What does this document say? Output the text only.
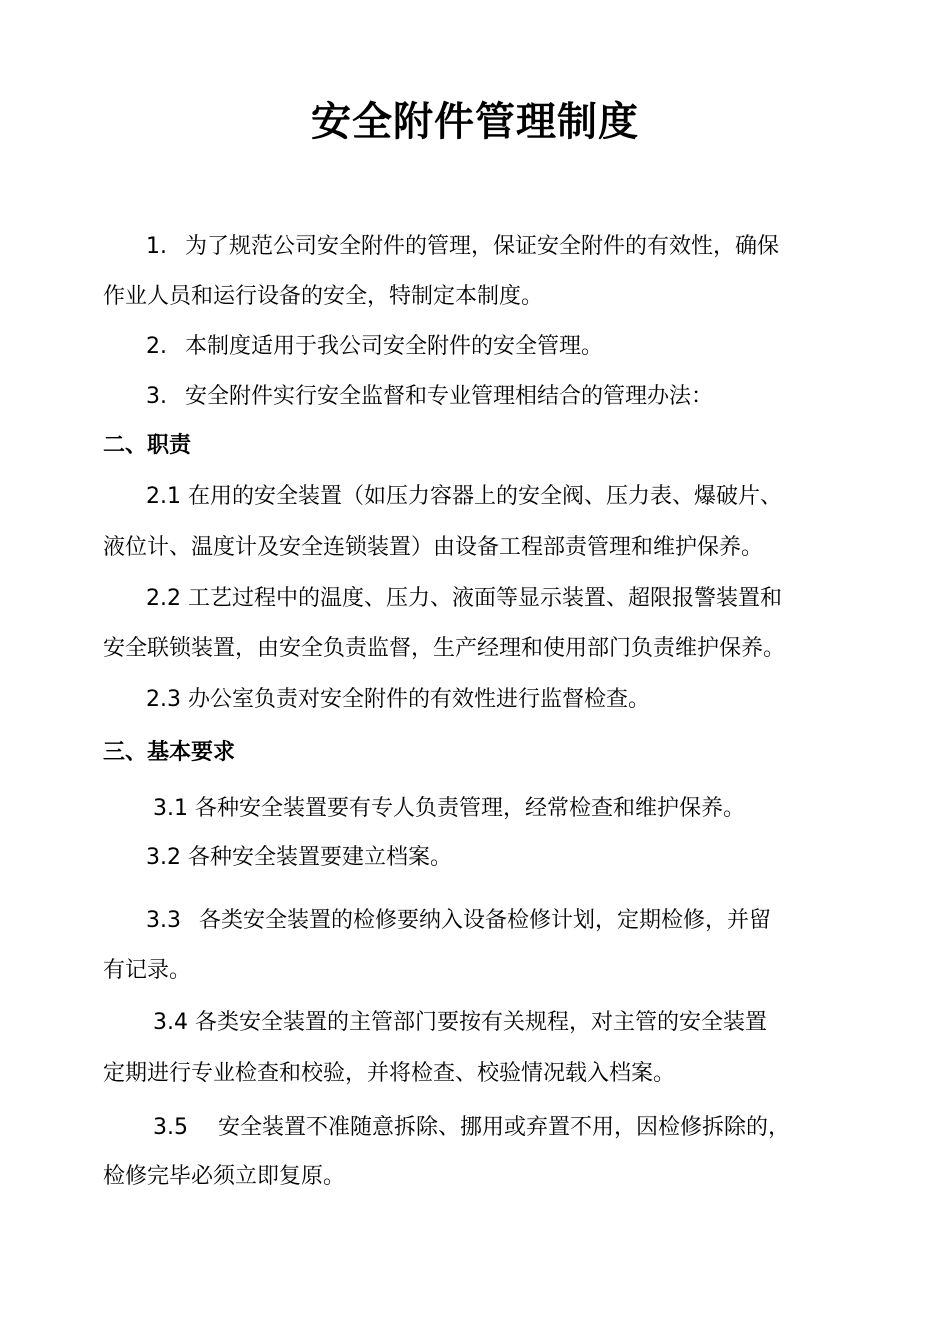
安全附件管理制度

1. 为了规范公司安全附件的管理，保证安全附件的有效性，确保

作业人员和运行设备的安全，特制定本制度。

2. 本制度适用于我公司安全附件的安全管理。

3. 安全附件实行安全监督和专业管理相结合的管理办法：

二、职责

2.1 在用的安全装置（如压力容器上的安全阀、压力表、爆破片、

液位计、温度计及安全连锁装置）由设备工程部责管理和维护保养。

2.2 工艺过程中的温度、压力、液面等显示装置、超限报警装置和

安全联锁装置，由安全负责监督，生产经理和使用部门负责维护保养。

2.3 办公室负责对安全附件的有效性进行监督检查。

三、基本要求

3.1 各种安全装置要有专人负责管理，经常检查和维护保养。

3.2 各种安全装置要建立档案。

3.3 各类安全装置的检修要纳入设备检修计划，定期检修，并留

有记录。

3.4 各类安全装置的主管部门要按有关规程，对主管的安全装置

定期进行专业检查和校验，并将检查、校验情况载入档案。

3.5 安全装置不准随意拆除、挪用或弃置不用，因检修拆除的，

检修完毕必须立即复原。
